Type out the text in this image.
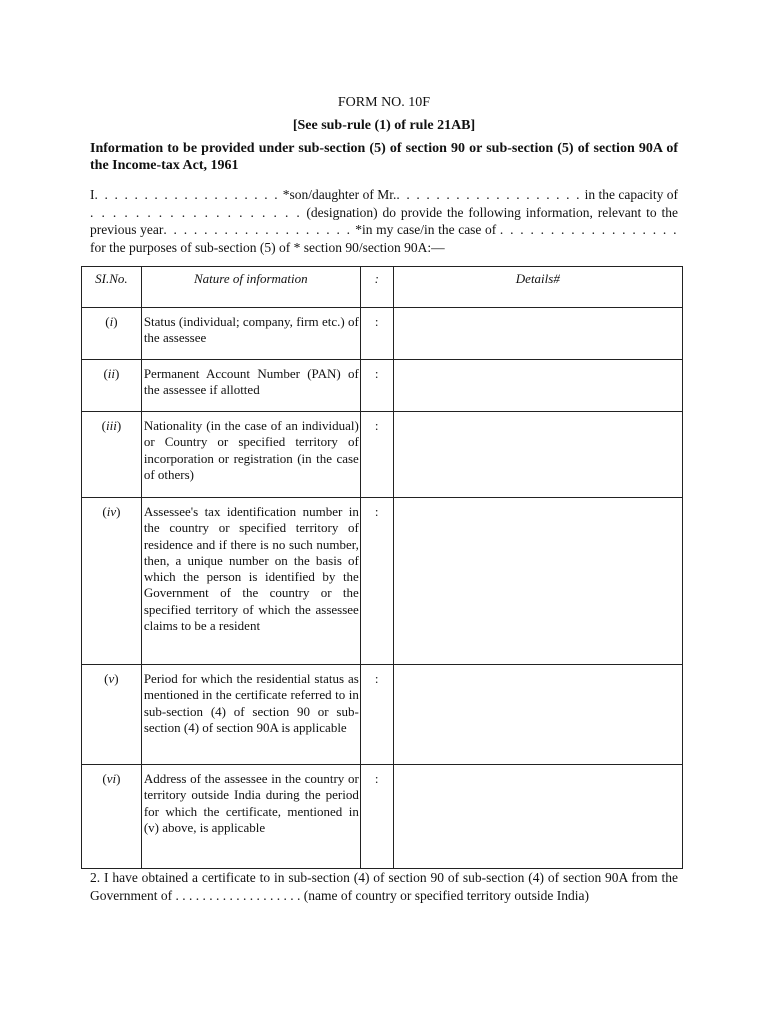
FORM NO. 10F
[See sub-rule (1) of rule 21AB]
Information to be provided under sub-section (5) of section 90 or sub-section (5) of section 90A of the Income-tax Act, 1961
I. . . . . . . . . . . . . . . . . . . *son/daughter of Mr.. . . . . . . . . . . . . . . . . . . in the capacity of . . . . . . . . . . . . . . . . . . . (designation) do provide the following information, relevant to the previous year. . . . . . . . . . . . . . . . . . . *in my case/in the case of . . . . . . . . . . . . . . . . . . for the purposes of sub-section (5) of * section 90/section 90A:—
SI.No.	Nature of information	:	Details#

(i)	Status (individual; company, firm etc.) of the assessee	:	

(ii)	Permanent Account Number (PAN) of the assessee if allotted	:	

(iii)	Nationality (in the case of an individual) or Country or specified territory of incorporation or registration (in the case of others)	:	

(iv)	Assessee's tax identification number in the country or specified territory of residence and if there is no such number, then, a unique number on the basis of which the person is identified by the Government of the country or the specified territory of which the assessee claims to be a resident	:	

(v)	Period for which the residential status as mentioned in the certificate referred to in sub-section (4) of section 90 or sub-section (4) of section 90A is applicable	:	

(vi)	Address of the assessee in the country or territory outside India during the period for which the certificate, mentioned in (v) above, is applicable	:	

2. I have obtained a certificate to in sub-section (4) of section 90 of sub-section (4) of section 90A from the Government of . . . . . . . . . . . . . . . . . . . (name of country or specified territory outside India)
